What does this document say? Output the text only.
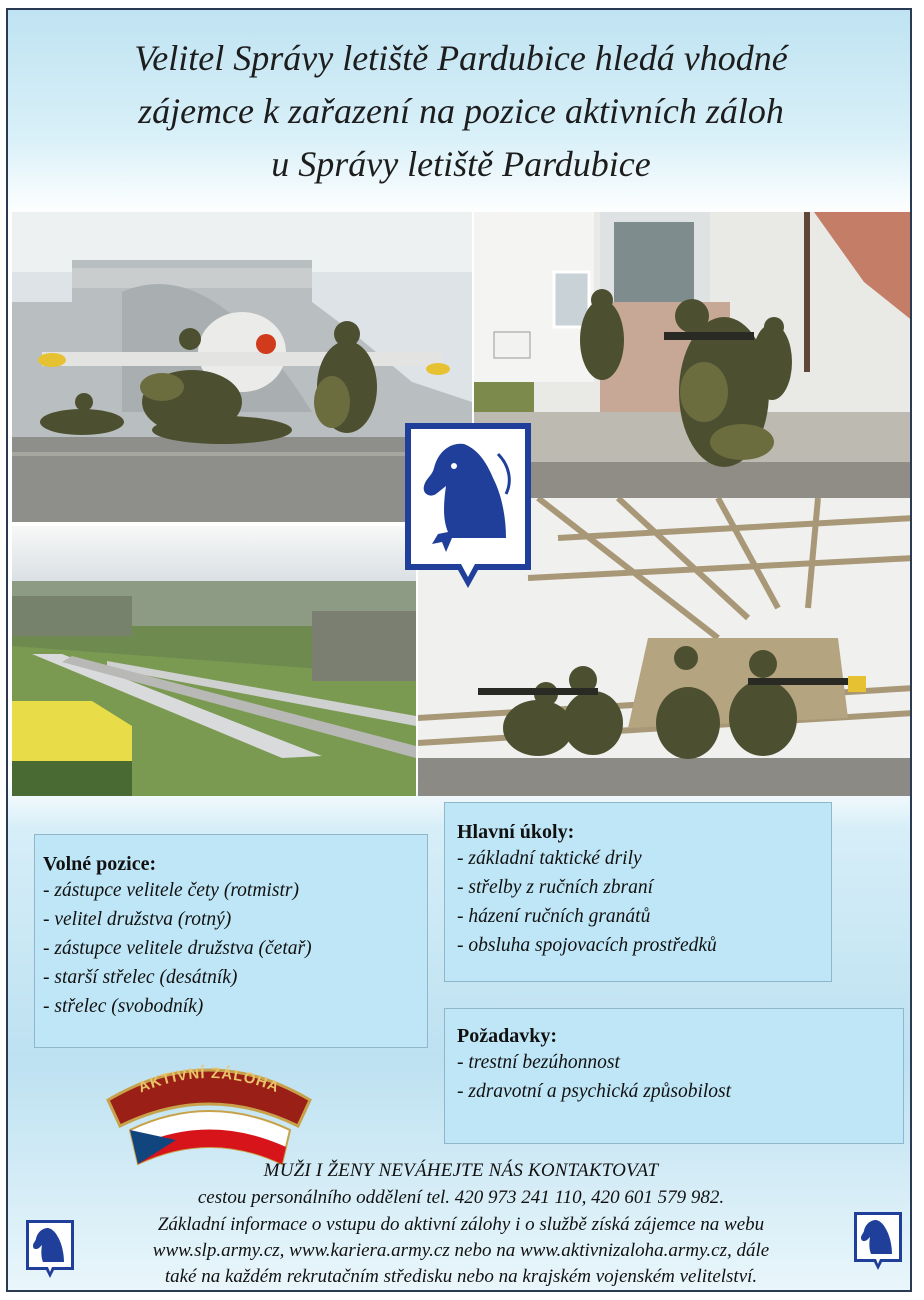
Velitel Správy letiště Pardubice hledá vhodné
zájemce k zařazení na pozice aktivních záloh
u Správy letiště Pardubice
Volné pozice:
- zástupce velitele čety (rotmistr)
- velitel družstva (rotný)
- zástupce velitele družstva (četař)
- starší střelec (desátník)
- střelec (svobodník)
Hlavní úkoly:
- základní taktické drily
- střelby z ručních zbraní
- házení ručních granátů
- obsluha spojovacích prostředků
Požadavky:
- trestní bezúhonnost
- zdravotní a psychická způsobilost
AKTIVNÍ ZÁLOHA
MUŽI I ŽENY NEVÁHEJTE NÁS KONTAKTOVAT
cestou personálního oddělení tel. 420 973 241 110, 420 601 579 982.
Základní informace o vstupu do aktivní zálohy i o službě získá zájemce na webu
www.slp.army.cz, www.kariera.army.cz nebo na www.aktivnizaloha.army.cz, dále
také na každém rekrutačním středisku nebo na krajském vojenském velitelství.
